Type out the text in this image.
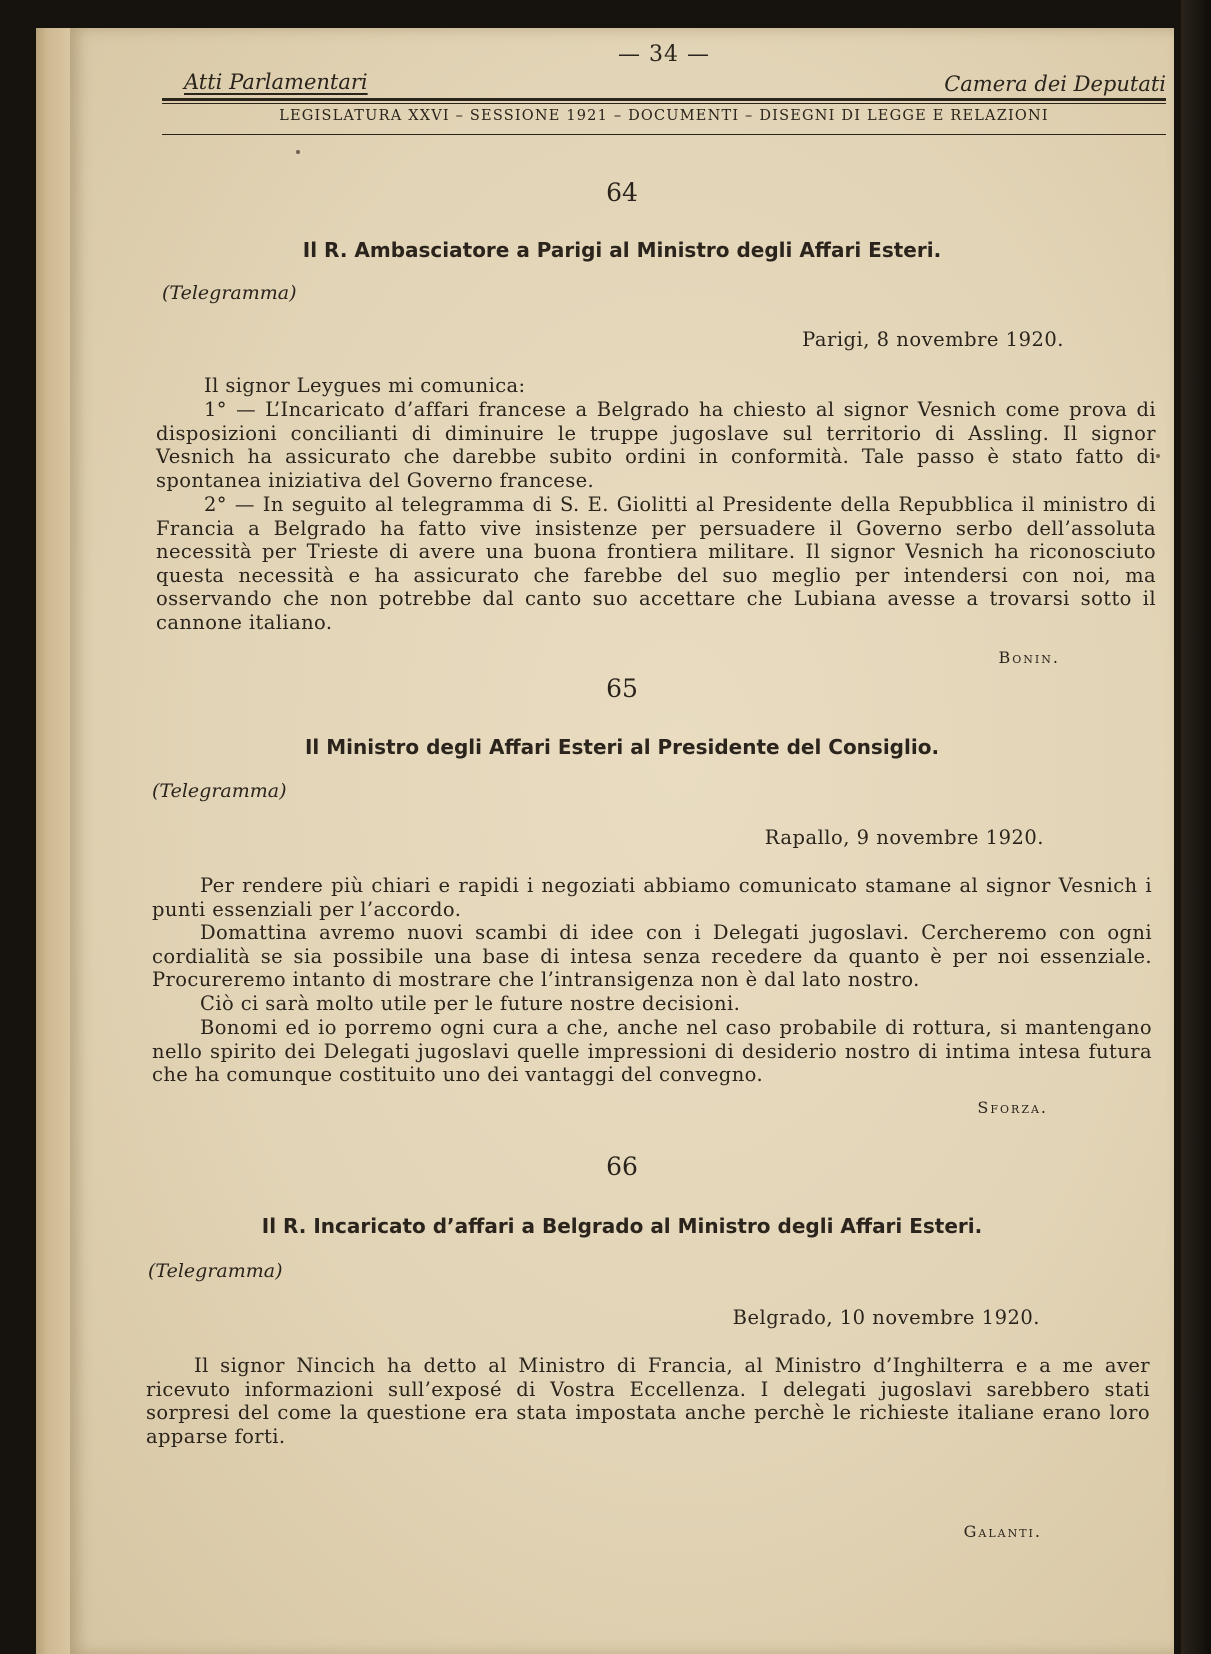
— 34 —
Atti Parlamentari	Camera dei Deputati
LEGISLATURA XXVI – SESSIONE 1921 – DOCUMENTI – DISEGNI DI LEGGE E RELAZIONI
64
Il R. Ambasciatore a Parigi al Ministro degli Affari Esteri.
(Telegramma)
Parigi, 8 novembre 1920.
Il signor Leygues mi comunica:
1° — L’Incaricato d’affari francese a Belgrado ha chiesto al signor Vesnich come prova di disposizioni concilianti di diminuire le truppe jugoslave sul territorio di Assling. Il signor Vesnich ha assicurato che darebbe subito ordini in conformità. Tale passo è stato fatto di spontanea iniziativa del Governo francese.
2° — In seguito al telegramma di S. E. Giolitti al Presidente della Repubblica il ministro di Francia a Belgrado ha fatto vive insistenze per persuadere il Governo serbo dell’assoluta necessità per Trieste di avere una buona frontiera militare. Il signor Vesnich ha riconosciuto questa necessità e ha assicurato che farebbe del suo meglio per intendersi con noi, ma osservando che non potrebbe dal canto suo accettare che Lubiana avesse a trovarsi sotto il cannone italiano.
Bonin.
65
Il Ministro degli Affari Esteri al Presidente del Consiglio.
(Telegramma)
Rapallo, 9 novembre 1920.
Per rendere più chiari e rapidi i negoziati abbiamo comunicato stamane al signor Vesnich i punti essenziali per l’accordo.
Domattina avremo nuovi scambi di idee con i Delegati jugoslavi. Cercheremo con ogni cordialità se sia possibile una base di intesa senza recedere da quanto è per noi essenziale. Procureremo intanto di mostrare che l’intransigenza non è dal lato nostro.
Ciò ci sarà molto utile per le future nostre decisioni.
Bonomi ed io porremo ogni cura a che, anche nel caso probabile di rottura, si mantengano nello spirito dei Delegati jugoslavi quelle impressioni di desiderio nostro di intima intesa futura che ha comunque costituito uno dei vantaggi del convegno.
Sforza.
66
Il R. Incaricato d’affari a Belgrado al Ministro degli Affari Esteri.
(Telegramma)
Belgrado, 10 novembre 1920.
Il signor Nincich ha detto al Ministro di Francia, al Ministro d’Inghilterra e a me aver ricevuto informazioni sull’exposé di Vostra Eccellenza. I delegati jugoslavi sarebbero stati sorpresi del come la questione era stata impostata anche perchè le richieste italiane erano loro apparse forti.
Galanti.
